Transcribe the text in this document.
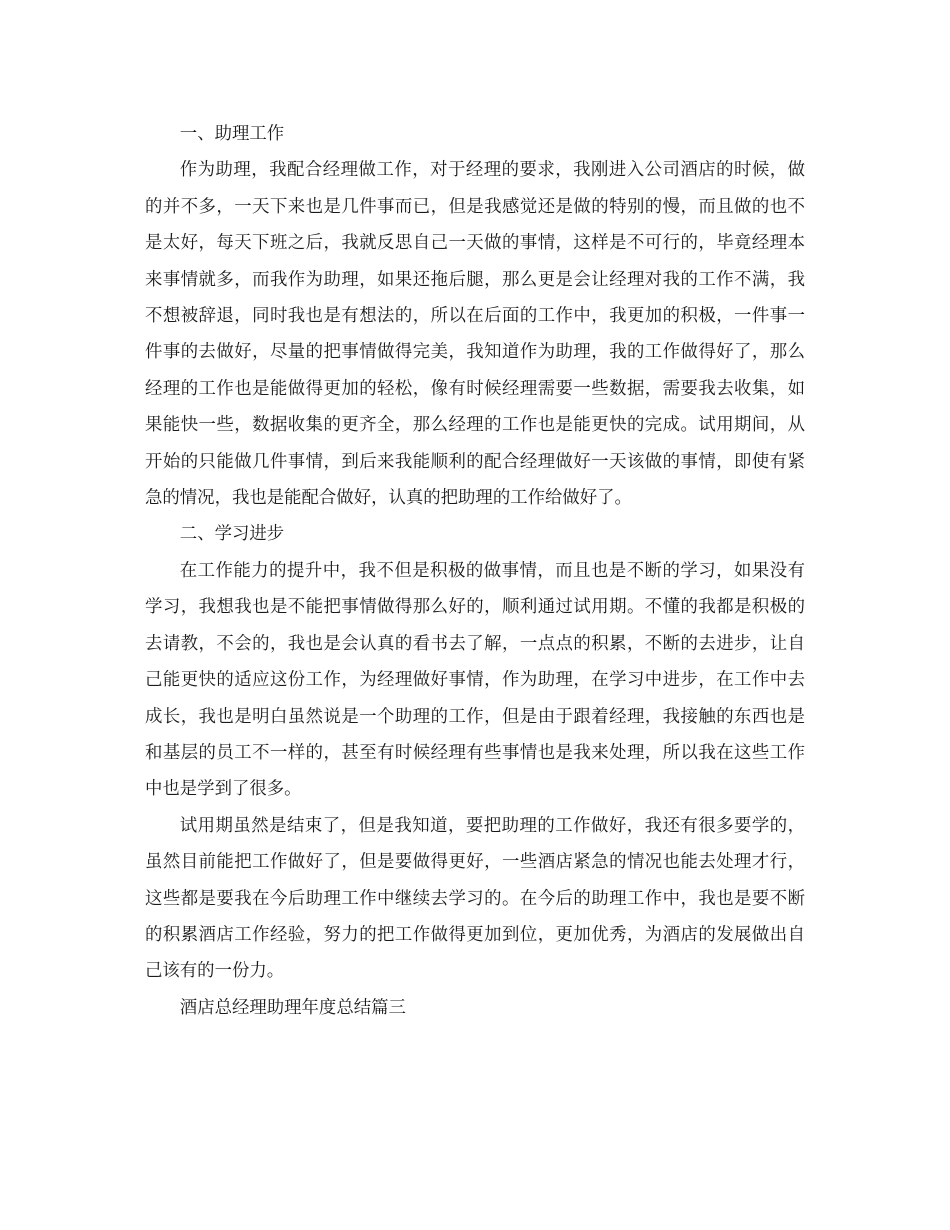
一、助理工作

作为助理，我配合经理做工作，对于经理的要求，我刚进入公司酒店的时候，做的并不多，一天下来也是几件事而已，但是我感觉还是做的特别的慢，而且做的也不是太好，每天下班之后，我就反思自己一天做的事情，这样是不可行的，毕竟经理本来事情就多，而我作为助理，如果还拖后腿，那么更是会让经理对我的工作不满，我不想被辞退，同时我也是有想法的，所以在后面的工作中，我更加的积极，一件事一件事的去做好，尽量的把事情做得完美，我知道作为助理，我的工作做得好了，那么经理的工作也是能做得更加的轻松，像有时候经理需要一些数据，需要我去收集，如果能快一些，数据收集的更齐全，那么经理的工作也是能更快的完成。试用期间，从开始的只能做几件事情，到后来我能顺利的配合经理做好一天该做的事情，即使有紧急的情况，我也是能配合做好，认真的把助理的工作给做好了。

二、学习进步

在工作能力的提升中，我不但是积极的做事情，而且也是不断的学习，如果没有学习，我想我也是不能把事情做得那么好的，顺利通过试用期。不懂的我都是积极的去请教，不会的，我也是会认真的看书去了解，一点点的积累，不断的去进步，让自己能更快的适应这份工作，为经理做好事情，作为助理，在学习中进步，在工作中去成长，我也是明白虽然说是一个助理的工作，但是由于跟着经理，我接触的东西也是和基层的员工不一样的，甚至有时候经理有些事情也是我来处理，所以我在这些工作中也是学到了很多。

试用期虽然是结束了，但是我知道，要把助理的工作做好，我还有很多要学的，虽然目前能把工作做好了，但是要做得更好，一些酒店紧急的情况也能去处理才行，这些都是要我在今后助理工作中继续去学习的。在今后的助理工作中，我也是要不断的积累酒店工作经验，努力的把工作做得更加到位，更加优秀，为酒店的发展做出自己该有的一份力。

酒店总经理助理年度总结篇三
